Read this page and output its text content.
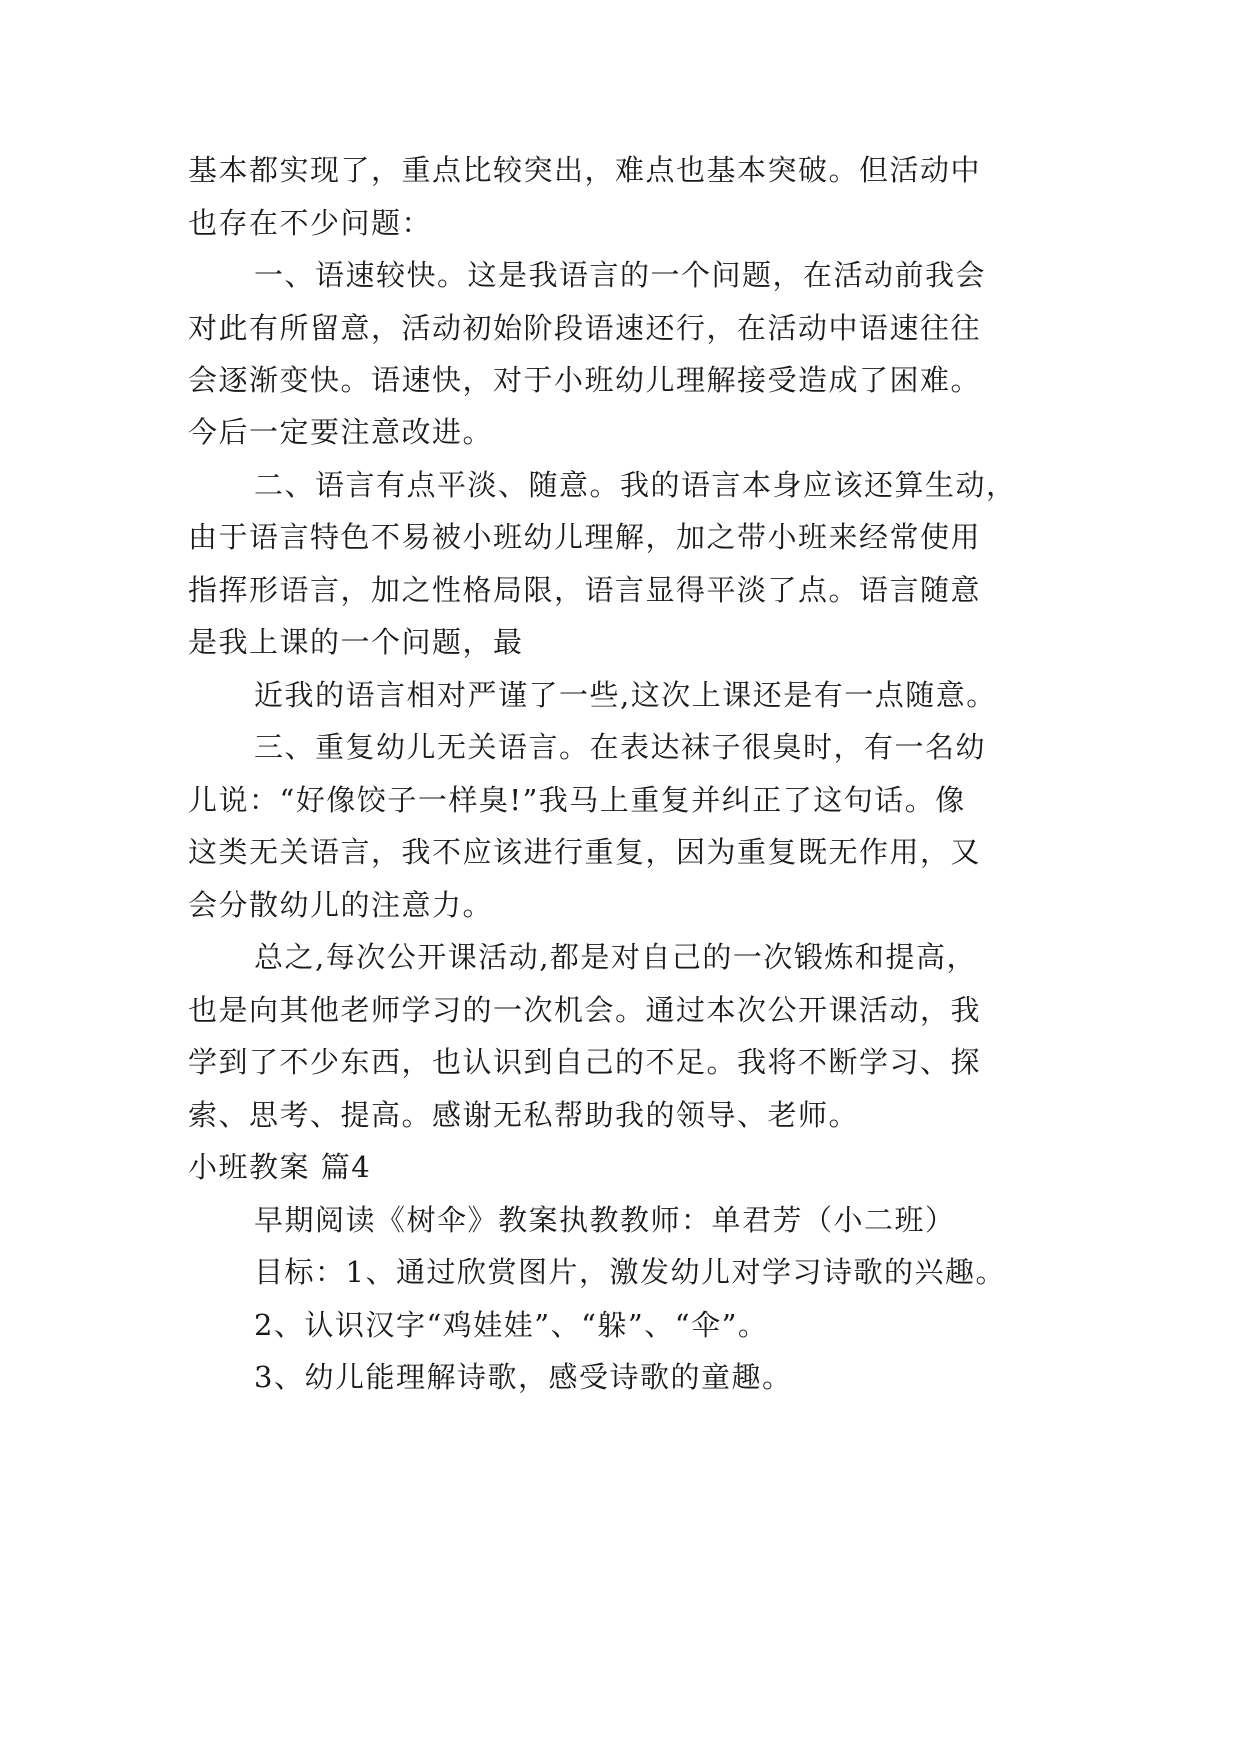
基本都实现了，重点比较突出，难点也基本突破。但活动中
也存在不少问题：
一、语速较快。这是我语言的一个问题，在活动前我会
对此有所留意，活动初始阶段语速还行，在活动中语速往往
会逐渐变快。语速快，对于小班幼儿理解接受造成了困难。
今后一定要注意改进。
二、语言有点平淡、随意。我的语言本身应该还算生动，
由于语言特色不易被小班幼儿理解，加之带小班来经常使用
指挥形语言，加之性格局限，语言显得平淡了点。语言随意
是我上课的一个问题，最
近我的语言相对严谨了一些,这次上课还是有一点随意。
三、重复幼儿无关语言。在表达袜子很臭时，有一名幼
儿说：“好像饺子一样臭!”我马上重复并纠正了这句话。像
这类无关语言，我不应该进行重复，因为重复既无作用，又
会分散幼儿的注意力。
总之,每次公开课活动,都是对自己的一次锻炼和提高，
也是向其他老师学习的一次机会。通过本次公开课活动，我
学到了不少东西，也认识到自己的不足。我将不断学习、探
索、思考、提高。感谢无私帮助我的领导、老师。
小班教案 篇4
早期阅读《树伞》教案执教教师：单君芳（小二班）
目标：1、通过欣赏图片，激发幼儿对学习诗歌的兴趣。
2、认识汉字“鸡娃娃”、“躲”、“伞”。
3、幼儿能理解诗歌，感受诗歌的童趣。
